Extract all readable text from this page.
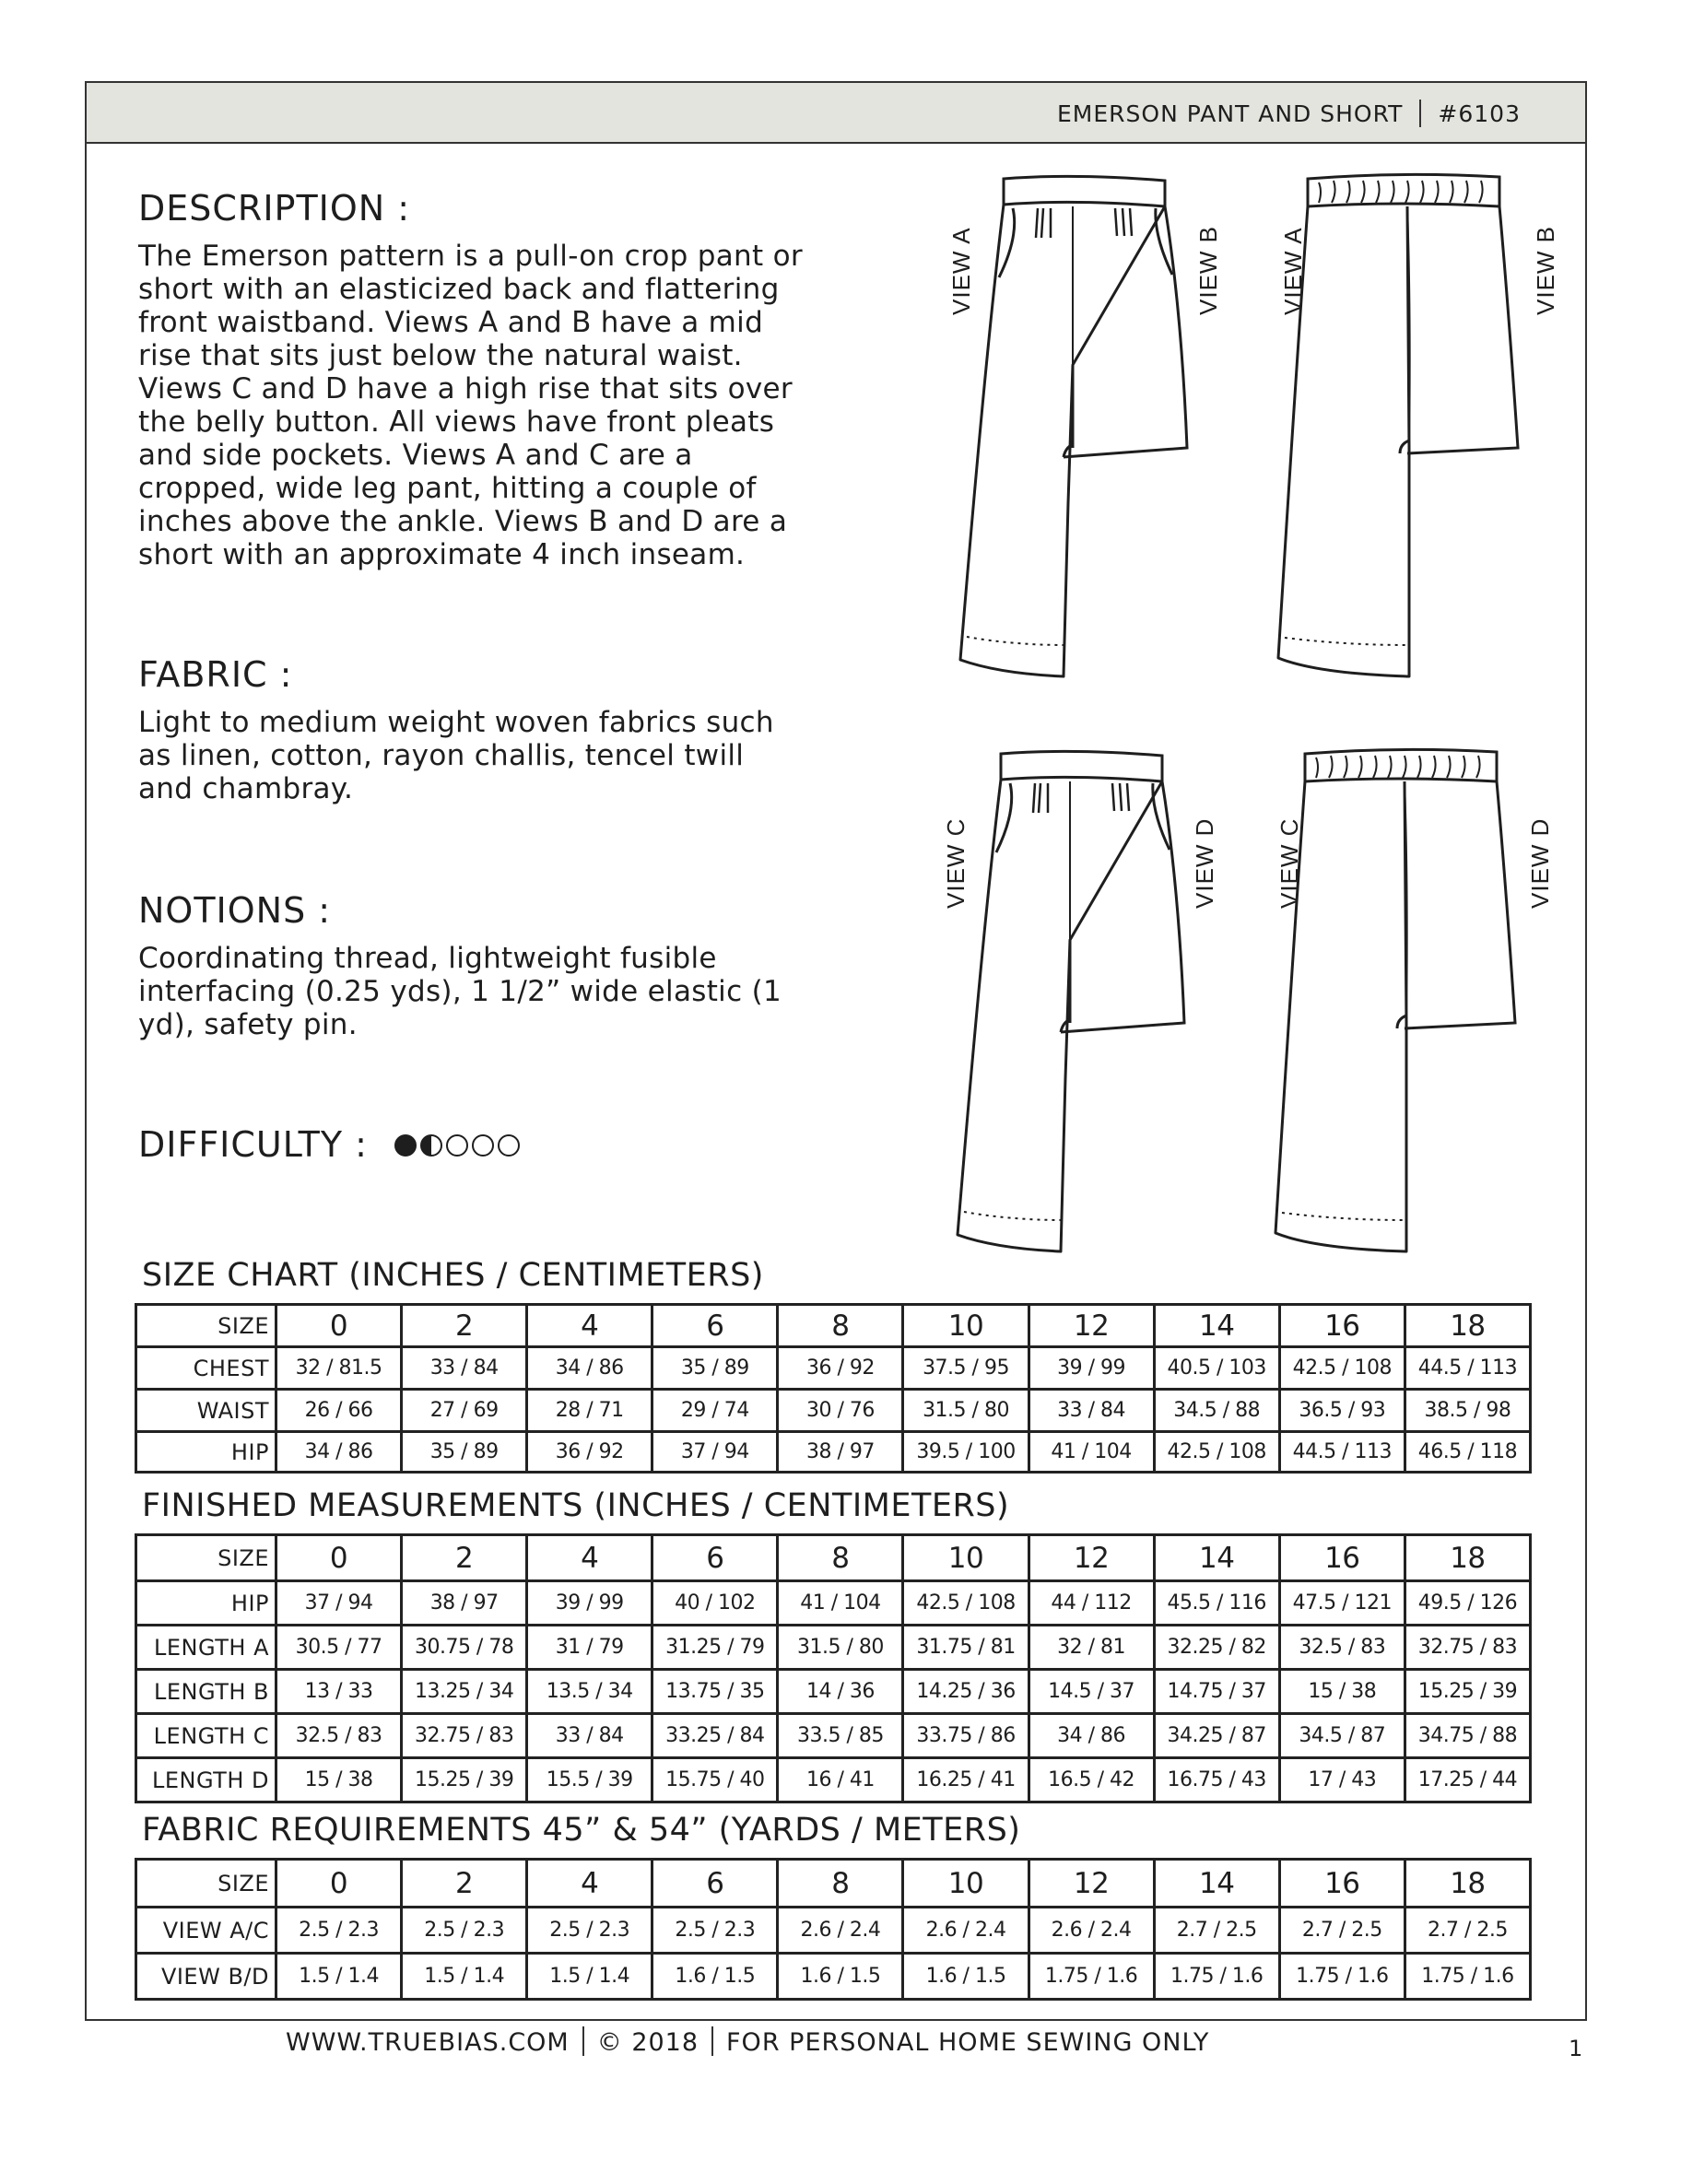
EMERSON PANT AND SHORT #6103
DESCRIPTION :
The Emerson pattern is a pull-on crop pant or
short with an elasticized back and flattering
front waistband. Views A and B have a mid
rise that sits just below the natural waist.
Views C and D have a high rise that sits over
the belly button. All views have front pleats
and side pockets. Views A and C are a
cropped, wide leg pant, hitting a couple of
inches above the ankle. Views B and D are a
short with an approximate 4 inch inseam.
FABRIC :
Light to medium weight woven fabrics such
as linen, cotton, rayon challis, tencel twill
and chambray.
NOTIONS :
Coordinating thread, lightweight fusible
interfacing (0.25 yds), 1 1/2” wide elastic (1
yd), safety pin.
DIFFICULTY :
VIEW A	VIEW B VIEW A	VIEW B
VIEW C	VIEW D VIEW C	VIEW D
SIZE CHART (INCHES / CENTIMETERS)
SIZE	0	2	4	6	8	10	12	14	16	18
CHEST	32 / 81.5	33 / 84	34 / 86	35 / 89	36 / 92	37.5 / 95	39 / 99	40.5 / 103	42.5 / 108	44.5 / 113
WAIST	26 / 66	27 / 69	28 / 71	29 / 74	30 / 76	31.5 / 80	33 / 84	34.5 / 88	36.5 / 93	38.5 / 98
HIP	34 / 86	35 / 89	36 / 92	37 / 94	38 / 97	39.5 / 100	41 / 104	42.5 / 108	44.5 / 113	46.5 / 118
FINISHED MEASUREMENTS (INCHES / CENTIMETERS)
SIZE	0	2	4	6	8	10	12	14	16	18
HIP	37 / 94	38 / 97	39 / 99	40 / 102	41 / 104	42.5 / 108	44 / 112	45.5 / 116	47.5 / 121	49.5 / 126
LENGTH A	30.5 / 77	30.75 / 78	31 / 79	31.25 / 79	31.5 / 80	31.75 / 81	32 / 81	32.25 / 82	32.5 / 83	32.75 / 83
LENGTH B	13 / 33	13.25 / 34	13.5 / 34	13.75 / 35	14 / 36	14.25 / 36	14.5 / 37	14.75 / 37	15 / 38	15.25 / 39
LENGTH C	32.5 / 83	32.75 / 83	33 / 84	33.25 / 84	33.5 / 85	33.75 / 86	34 / 86	34.25 / 87	34.5 / 87	34.75 / 88
LENGTH D	15 / 38	15.25 / 39	15.5 / 39	15.75 / 40	16 / 41	16.25 / 41	16.5 / 42	16.75 / 43	17 / 43	17.25 / 44
FABRIC REQUIREMENTS 45” & 54” (YARDS / METERS)
SIZE	0	2	4	6	8	10	12	14	16	18
VIEW A/C	2.5 / 2.3	2.5 / 2.3	2.5 / 2.3	2.5 / 2.3	2.6 / 2.4	2.6 / 2.4	2.6 / 2.4	2.7 / 2.5	2.7 / 2.5	2.7 / 2.5
VIEW B/D	1.5 / 1.4	1.5 / 1.4	1.5 / 1.4	1.6 / 1.5	1.6 / 1.5	1.6 / 1.5	1.75 / 1.6	1.75 / 1.6	1.75 / 1.6	1.75 / 1.6
WWW.TRUEBIAS.COM © 2018 FOR PERSONAL HOME SEWING ONLY	1
